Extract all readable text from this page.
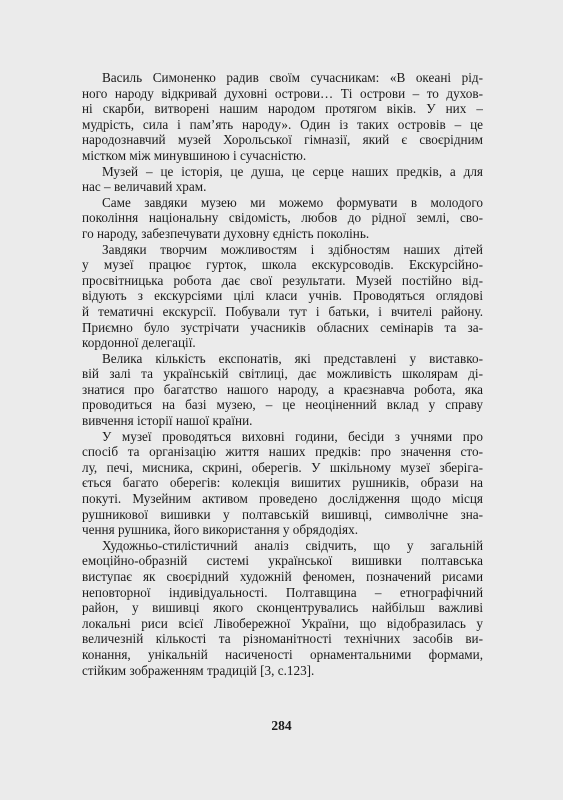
Василь Симоненко радив своїм сучасникам: «В океані рід-
ного народу відкривай духовні острови… Ті острови – то духов-
ні скарби, витворені нашим народом протягом віків. У них –
мудрість, сила і пам’ять народу». Один із таких островів – це
народознавчий музей Хорольської гімназії, який є своєрідним
містком між минувшиною і сучасністю.
Музей – це історія, це душа, це серце наших предків, а для
нас – величавий храм.
Саме завдяки музею ми можемо формувати в молодого
покоління національну свідомість, любов до рідної землі, сво-
го народу, забезпечувати духовну єдність поколінь.
Завдяки творчим можливостям і здібностям наших дітей
у музеї працює гурток, школа екскурсоводів. Екскурсійно-
просвітницька робота дає свої результати. Музей постійно від-
відують з екскурсіями цілі класи учнів. Проводяться оглядові
й тематичні екскурсії. Побували тут і батьки, і вчителі району.
Приємно було зустрічати учасників обласних семінарів та за-
кордонної делегації.
Велика кількість експонатів, які представлені у виставко-
вій залі та українській світлиці, дає можливість школярам ді-
знатися про багатство нашого народу, а краєзнавча робота, яка
проводиться на базі музею, – це неоціненний вклад у справу
вивчення історії нашої країни.
У музеї проводяться виховні години, бесіди з учнями про
спосіб та організацію життя наших предків: про значення сто-
лу, печі, мисника, скрині, оберегів. У шкільному музеї зберіга-
ється багато оберегів: колекція вишитих рушників, образи на
покуті. Музейним активом проведено дослідження щодо місця
рушникової вишивки у полтавській вишивці, символічне зна-
чення рушника, його використання у обрядодіях.
Художньо-стилістичний аналіз свідчить, що у загальній
емоційно-образній системі української вишивки полтавська
виступає як своєрідний художній феномен, позначений рисами
неповторної індивідуальності. Полтавщина – етнографічний
район, у вишивці якого сконцентрувались найбільш важливі
локальні риси всієї Лівобережної України, що відобразилась у
величезній кількості та різноманітності технічних засобів ви-
конання, унікальній насиченості орнаментальними формами,
стійким зображенням традицій [3, с.123].
284
